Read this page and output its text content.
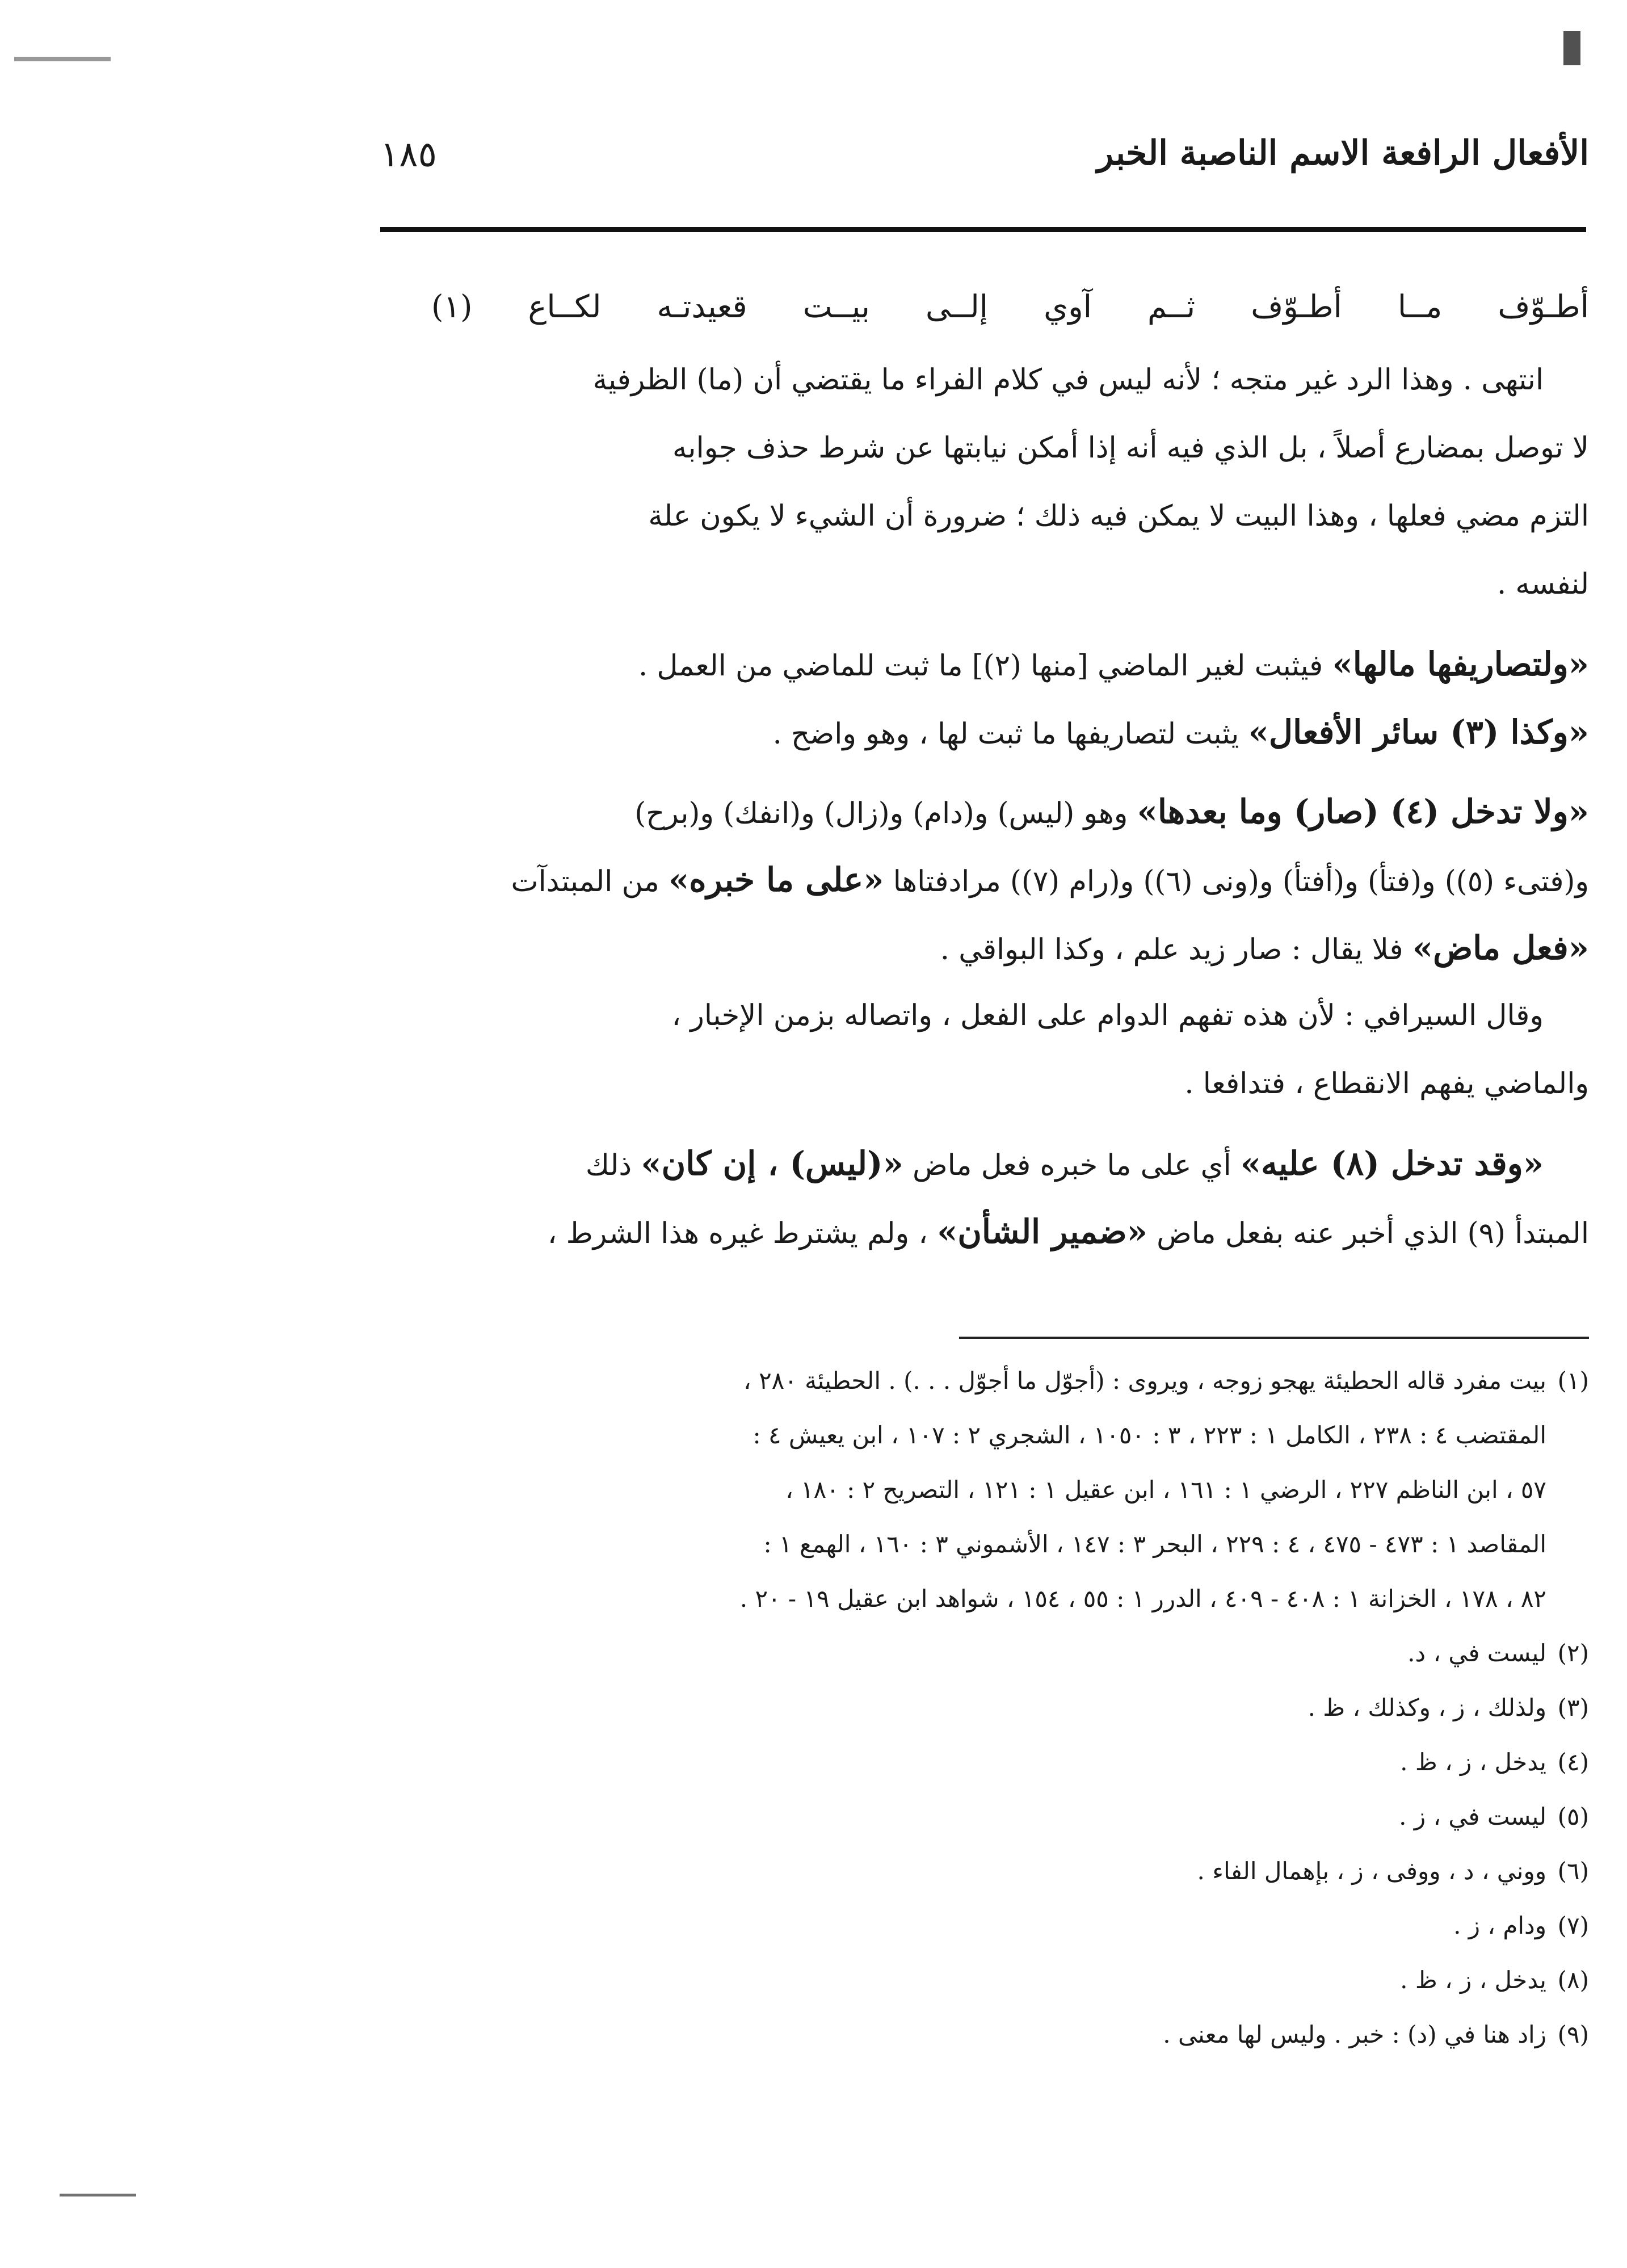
الأفعال الرافعة الاسم الناصبة الخبر
١٨٥
أطـوّف مــا أطـوّف ثــم آوي إلــى بيــت قعيدتـه لكــاع (١)
انتهى . وهذا الرد غير متجه ؛ لأنه ليس في كلام الفراء ما يقتضي أن (ما) الظرفية
لا توصل بمضارع أصلاً ، بل الذي فيه أنه إذا أمكن نيابتها عن شرط حذف جوابه
التزم مضي فعلها ، وهذا البيت لا يمكن فيه ذلك ؛ ضرورة أن الشيء لا يكون علة
لنفسه .
«ولتصاريفها مالها» فيثبت لغير الماضي [منها (٢)] ما ثبت للماضي من العمل .
«وكذا (٣) سائر الأفعال» يثبت لتصاريفها ما ثبت لها ، وهو واضح .
«ولا تدخل (٤) (صار) وما بعدها» وهو (ليس) و(دام) و(زال) و(انفك) و(برح)
و(فتىء (٥)) و(فتأ) و(أفتأ) و(ونى (٦)) و(رام (٧)) مرادفتاها «على ما خبره» من المبتدآت
«فعل ماض» فلا يقال : صار زيد علم ، وكذا البواقي .
وقال السيرافي : لأن هذه تفهم الدوام على الفعل ، واتصاله بزمن الإخبار ،
والماضي يفهم الانقطاع ، فتدافعا .
«وقد تدخل (٨) عليه» أي على ما خبره فعل ماض «(ليس) ، إن كان» ذلك
المبتدأ (٩) الذي أخبر عنه بفعل ماض «ضمير الشأن» ، ولم يشترط غيره هذا الشرط ،
(١)بيت مفرد قاله الحطيئة يهجو زوجه ، ويروى : (أجوّل ما أجوّل . . .) . الحطيئة ٢٨٠ ،
المقتضب ٤ : ٢٣٨ ، الكامل ١ : ٢٢٣ ، ٣ : ١٠٥٠ ، الشجري ٢ : ١٠٧ ، ابن يعيش ٤ :
٥٧ ، ابن الناظم ٢٢٧ ، الرضي ١ : ١٦١ ، ابن عقيل ١ : ١٢١ ، التصريح ٢ : ١٨٠ ،
المقاصد ١ : ٤٧٣ - ٤٧٥ ، ٤ : ٢٢٩ ، البحر ٣ : ١٤٧ ، الأشموني ٣ : ١٦٠ ، الهمع ١ :
٨٢ ، ١٧٨ ، الخزانة ١ : ٤٠٨ - ٤٠٩ ، الدرر ١ : ٥٥ ، ١٥٤ ، شواهد ابن عقيل ١٩ - ٢٠ .
(٢)ليست في ، د.
(٣)ولذلك ، ز ، وكذلك ، ظ .
(٤)يدخل ، ز ، ظ .
(٥)ليست في ، ز .
(٦)ووني ، د ، ووفى ، ز ، بإهمال الفاء .
(٧)ودام ، ز .
(٨)يدخل ، ز ، ظ .
(٩)زاد هنا في (د) : خبر . وليس لها معنى .
